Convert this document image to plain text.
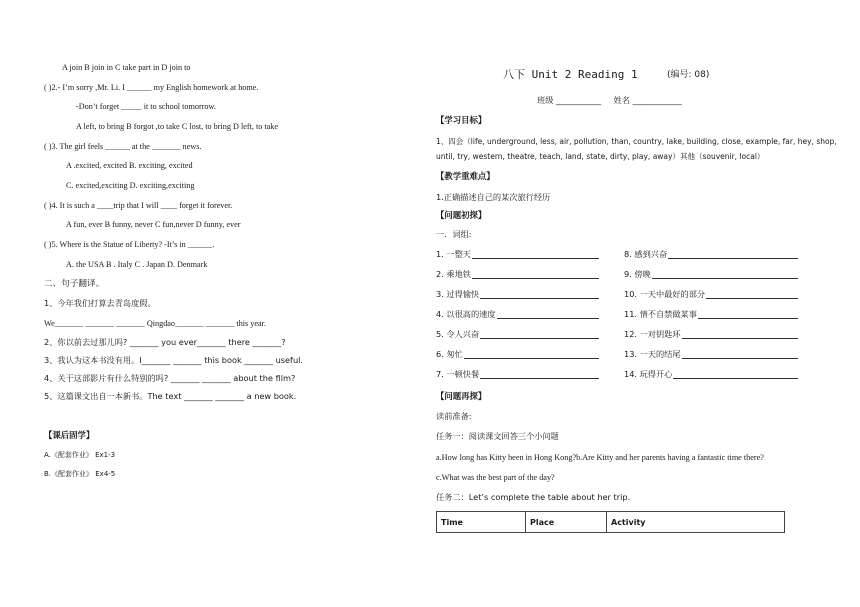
A join B join in C take part in D join to
( )2.- I’m sorry ,Mr. Li. I ______ my English homework at home.
-Don’t forget _____ it to school tomorrow.
A left, to bring B forgot ,to take C lost, to bring D left, to take
( )3. The girl feels ______ at the _______ news.
A .excited, excited B. exciting, excited
C. excited,exciting D. exciting,exciting
( )4. It is such a ____trip that I will ____ forget it forever.
A fun, ever B funny, never C fun,never D funny, ever
( )5. Where is the Statue of Liberty? -It’s in ______.
A. the USA B . Italy C . Japan D. Denmark
二、句子翻译。
1、今年我们打算去青岛度假。
We_______ _______ _______ Qingdao_______ _______ this year.
2、你以前去过那儿吗? _______ you ever_______ there _______?
3、我认为这本书没有用。I_______ _______ this book _______ useful.
4、关于这部影片有什么特别的吗? _______ _______ about the film?
5、这篇课文出自一本新书。The text _______ _______ a new book.
【课后固学】
A.《配套作业》 Ex1-3
B.《配套作业》 Ex4-5
八下 Unit 2 Reading 1	(编号: 08)
班级 ___________ 姓名 ____________
【学习目标】
1、四会（life, underground, less, air, pollution, than, country, lake, building, close, example, far, hey, shop,
until, try, western, theatre, teach, land, state, dirty, play, away）其他（souvenir, local）
【教学重难点】
1.正确描述自己的某次旅行经历
【问题初探】
一．词组:
1. 一整天	8. 感到兴奋
2. 乘地铁	9. 傍晚
3. 过得愉快	10. 一天中最好的部分
4. 以很高的速度	11. 情不自禁做某事
5. 令人兴奋	12. 一对钥匙环
6. 匆忙	13. 一天的结尾
7. 一顿快餐	14. 玩得开心
【问题再探】
读前准备:
任务一：阅读课文回答三个小问题
a.How long has Kitty been in Hong Kong?b.Are Kitty and her parents having a fantastic time there?
c.What was the best part of the day?
任务二：Let’s complete the table about her trip.
Time	Place	Activity
